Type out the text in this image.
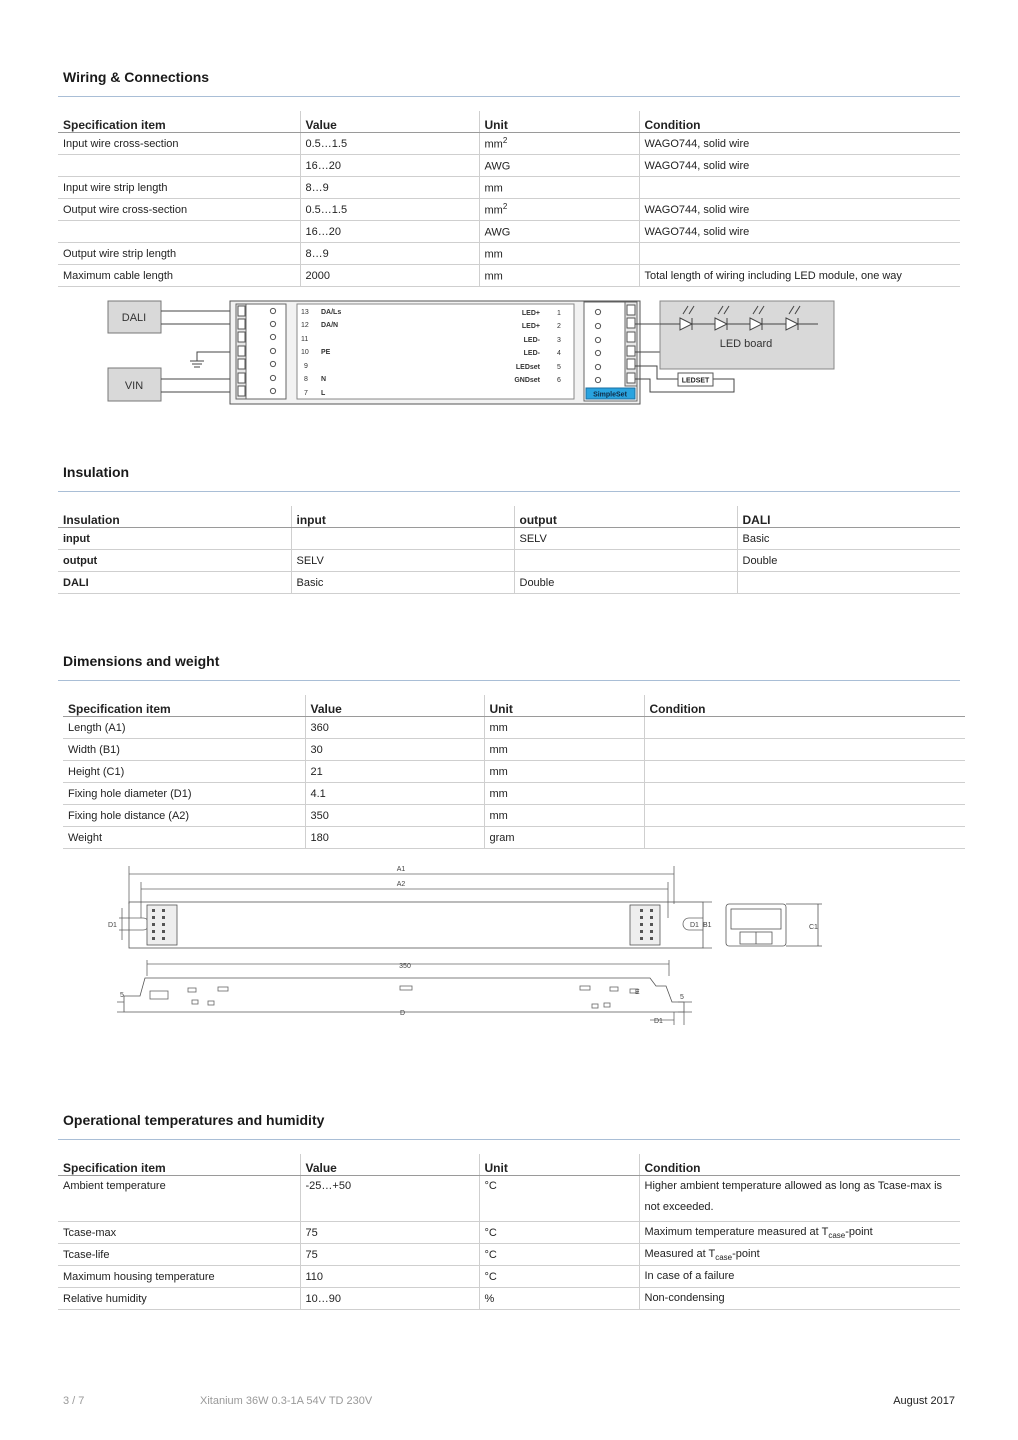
Wiring & Connections
Specification item	Value	Unit	Condition
Input wire cross-section	0.5…1.5	$mm^2$	WAGO744, solid wire
	16…20	AWG	WAGO744, solid wire
Input wire strip length	8…9	mm	
Output wire cross-section	0.5…1.5	$mm^2$	WAGO744, solid wire
	16…20	AWG	WAGO744, solid wire
Output wire strip length	8…9	mm	
Maximum cable length	2000	mm	Total length of wiring including LED module, one way
DALI
VIN
13 DA/Ls
12 DA/N
11
10 PE
9
8 N
7 L
LED+ 1
LED+ 2
LED- 3
LED- 4
LEDset 5
GNDset 6
SimpleSet
LED board
LEDSET
Insulation
Insulation	input	output	DALI
input		SELV	Basic
output	SELV		Double
DALI	Basic	Double	
Dimensions and weight
Specification item	Value	Unit	Condition
Length (A1)	360	mm	
Width (B1)	30	mm	
Height (C1)	21	mm	
Fixing hole diameter (D1)	4.1	mm	
Fixing hole distance (A2)	350	mm	
Weight	180	gram	
A1
A2
D1	D1 B1	C1
350
5	5
E
D
D1
Operational temperatures and humidity
Specification item	Value	Unit	Condition
Ambient temperature	-25…+50	°C	Higher ambient temperature allowed as long as Tcase-max is not exceeded.
Tcase-max	75	°C	Maximum temperature measured at $T_{case}$-point
Tcase-life	75	°C	Measured at $T_{case}$-point
Maximum housing temperature	110	°C	In case of a failure
Relative humidity	10…90	%	Non-condensing
3 / 7	Xitanium 36W 0.3-1A 54V TD 230V	August 2017
